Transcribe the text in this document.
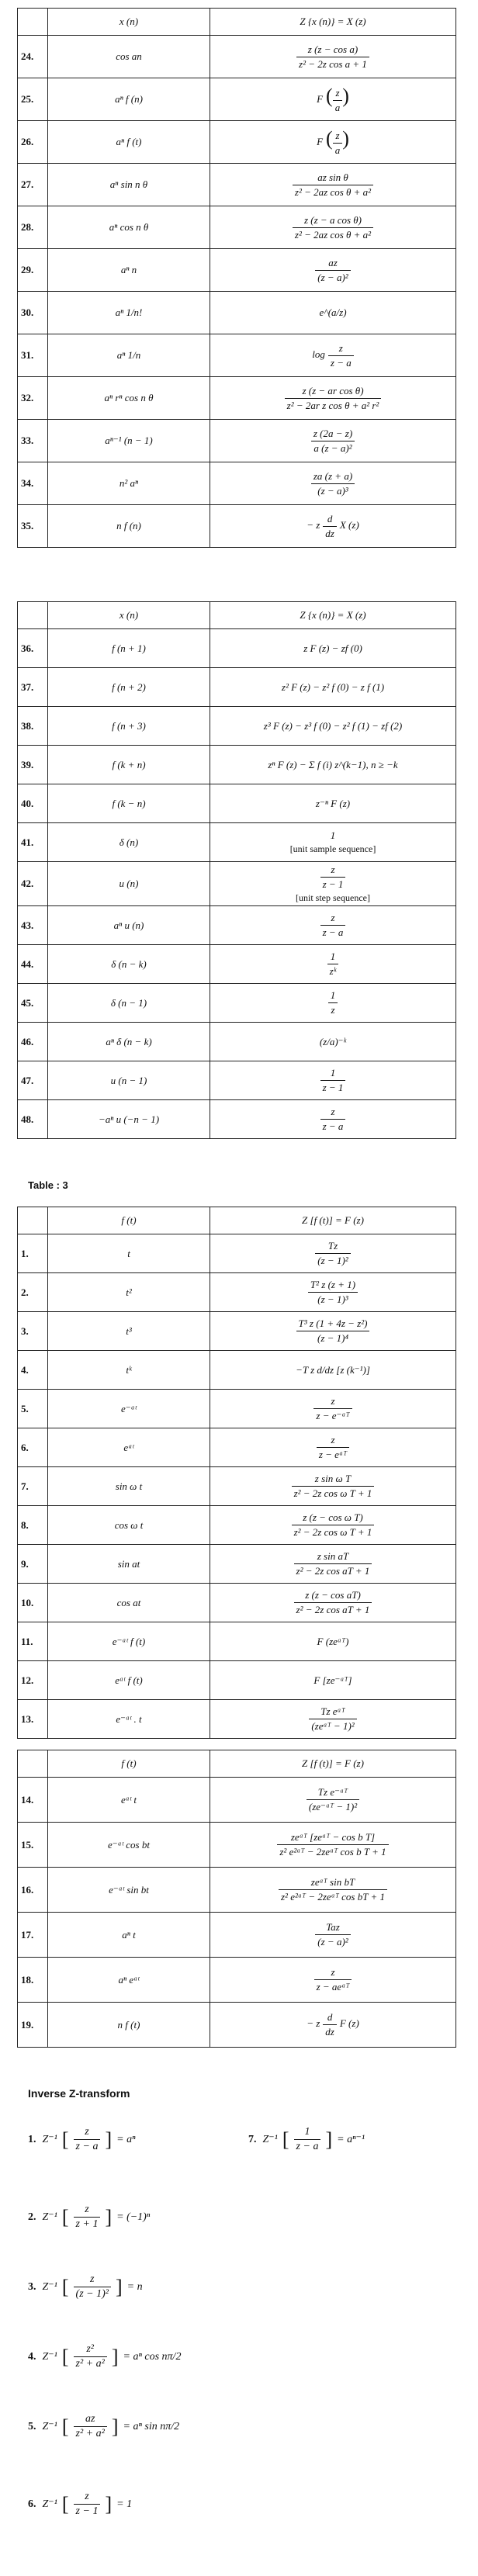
	x (n)	Z {x (n)} = X (z)
24.	cos an	$\frac{\text{z (z − cos a)}}{\text{z² − 2z cos a + 1}}$

25.	aⁿ f (n)	F ( $\frac{z}{a}$ )
26.	aⁿ f (t)	F ( $\frac{z}{a}$ )
27.	aⁿ sin n θ	$\frac{\text{az sin θ}}{\text{z² − 2az cos θ + a²}}$

28.	aⁿ cos n θ	$\frac{\text{z (z − a cos θ)}}{\text{z² − 2az cos θ + a²}}$

29.	aⁿ n	$\frac{az}{\text{(z − a)²}}$

30.	aⁿ 1/n!	e^(a/z)
31.	aⁿ 1/n	$\log \frac{z}{z - a}$

32.	aⁿ rⁿ cos n θ	$\frac{\text{z (z − ar cos θ)}}{\text{z² − 2ar z cos θ + a² r²}}$

33.	aⁿ⁻¹ (n − 1)	$\frac{z (2a - z)}{\text{a (z − a)²}}$

34.	n² aⁿ	$\frac{za (z + a)}{\text{(z − a)³}}$

35.	n f (n)	− z $\frac{d}{dz}$ X (z)
	x (n)	Z {x (n)} = X (z)
36.	f (n + 1)	z F (z) − zf (0)
37.	f (n + 2)	z² F (z) − z² f (0) − z f (1)
38.	f (n + 3)	z³ F (z) − z³ f (0) − z² f (1) − zf (2)
39.	f (k + n)	zⁿ F (z) − Σ f (i) z^(k−1), n ≥ −k
40.	f (k − n)	z⁻ⁿ F (z)
41.	δ (n)	1
[unit sample sequence]

42.	u (n)	$\frac{z}{z - 1}$
[unit step sequence]

43.	aⁿ u (n)	$\frac{z}{z - a}$

44.	δ (n − k)	$\frac{1}{\text{zᵏ}}$

45.	δ (n − 1)	$\frac{1}{z}$

46.	aⁿ δ (n − k)	(z/a)⁻ᵏ
47.	u (n − 1)	$\frac{1}{z - 1}$

48.	−aⁿ u (−n − 1)	$\frac{z}{z - a}$
Table : 3
	f (t)	Z [f (t)] = F (z)
1.	t	$\frac{Tz}{\text{(z − 1)²}}$

2.	t²	$\frac{\text{T² z (z + 1)}}{\text{(z − 1)³}}$

3.	t³	$\frac{\text{T³ z (1 + 4z − z²)}}{\text{(z − 1)⁴}}$

4.	tᵏ	−T z d/dz [z (k⁻¹)]
5.	e⁻ᵃᵗ	$\frac{z}{\text{z − e⁻ᵃᵀ}}$

6.	eᵃᵗ	$\frac{z}{\text{z − eᵃᵀ}}$

7.	sin ω t	$\frac{\text{z sin ω T}}{\text{z² − 2z cos ω T + 1}}$

8.	cos ω t	$\frac{\text{z (z − cos ω T)}}{\text{z² − 2z cos ω T + 1}}$

9.	sin at	$\frac{\text{z sin aT}}{\text{z² − 2z cos aT + 1}}$

10.	cos at	$\frac{\text{z (z − cos aT)}}{\text{z² − 2z cos aT + 1}}$

11.	e⁻ᵃᵗ f (t)	F (zeᵃᵀ)
12.	eᵃᵗ f (t)	F [ze⁻ᵃᵀ]
13.	e⁻ᵃᵗ . t	$\frac{\text{Tz eᵃᵀ}}{\text{(zeᵃᵀ − 1)²}}$
	f (t)	Z [f (t)] = F (z)
14.	eᵃᵗ t	$\frac{\text{Tz e⁻ᵃᵀ}}{\text{(ze⁻ᵃᵀ − 1)²}}$

15.	e⁻ᵃᵗ cos bt	$\frac{\text{zeᵃᵀ [zeᵃᵀ − cos b T]}}{\text{z² e²ᵃᵀ − 2zeᵃᵀ cos b T + 1}}$

16.	e⁻ᵃᵗ sin bt	$\frac{\text{zeᵃᵀ sin bT}}{\text{z² e²ᵃᵀ − 2zeᵃᵀ cos bT + 1}}$

17.	aⁿ t	$\frac{\text{Taz}}{\text{(z − a)²}}$

18.	aⁿ eᵃᵗ	$\frac{z}{\text{z − aeᵃᵀ}}$

19.	n f (t)	− z $\frac{d}{dz}$ F (z)
Inverse Z-transform
1. Z⁻¹ [ $\frac{z}{z - a}$ ] = aⁿ	7. Z⁻¹ [ $\frac{1}{z - a}$ ] = aⁿ⁻¹
2. Z⁻¹ [ $\frac{z}{z + 1}$ ] = (−1)ⁿ
3. Z⁻¹ [ $\frac{z}{\text{(z − 1)²}}$ ] = n
4. Z⁻¹ [ $\frac{\text{z²}}{\text{z² + a²}}$ ] = aⁿ cos nπ/2
5. Z⁻¹ [ $\frac{az}{\text{z² + a²}}$ ] = aⁿ sin nπ/2
6. Z⁻¹ [ $\frac{z}{z - 1}$ ] = 1
